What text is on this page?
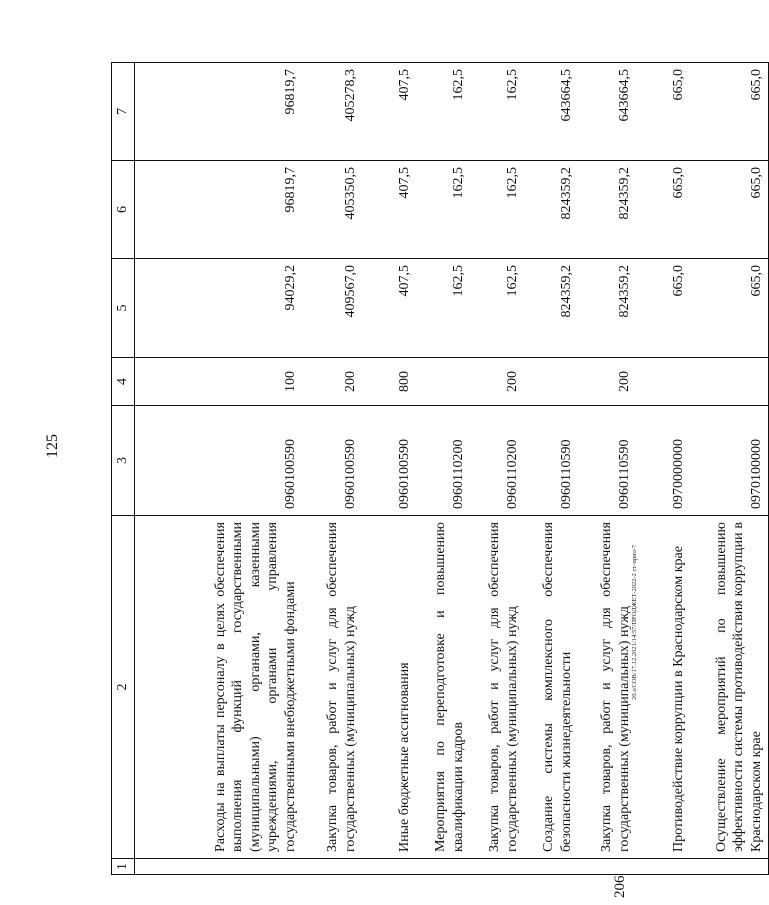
125
206
20.з/СОВ/17.12.2021/14:57/ПРОДЖЕТ-2022-2 ст-прил-7
1	2	3	4	5	6	7
	Расходы на выплаты персоналу в целях обеспечения выполнения функций государственными (муниципальными) органами, казенными учреждениями, органами управления государственными внебюджетными фондами	0960100590	100	94029,2	96819,7	96819,7
	Закупка товаров, работ и услуг для обеспечения государственных (муниципальных) нужд	0960100590	200	409567,0	405350,5	405278,3
	Иные бюджетные ассигнования	0960100590	800	407,5	407,5	407,5
	Мероприятия по переподготовке и повышению квалификации кадров	0960110200		162,5	162,5	162,5
	Закупка товаров, работ и услуг для обеспечения государственных (муниципальных) нужд	0960110200	200	162,5	162,5	162,5
	Создание системы комплексного обеспечения безопасности жизнедеятельности	0960110590		824359,2	824359,2	643664,5
	Закупка товаров, работ и услуг для обеспечения государственных (муниципальных) нужд	0960110590	200	824359,2	824359,2	643664,5
	Противодействие коррупции в Краснодарском крае	0970000000		665,0	665,0	665,0
	Осуществление мероприятий по повышению эффективности системы противодействия коррупции в Краснодарском крае	0970100000		665,0	665,0	665,0
